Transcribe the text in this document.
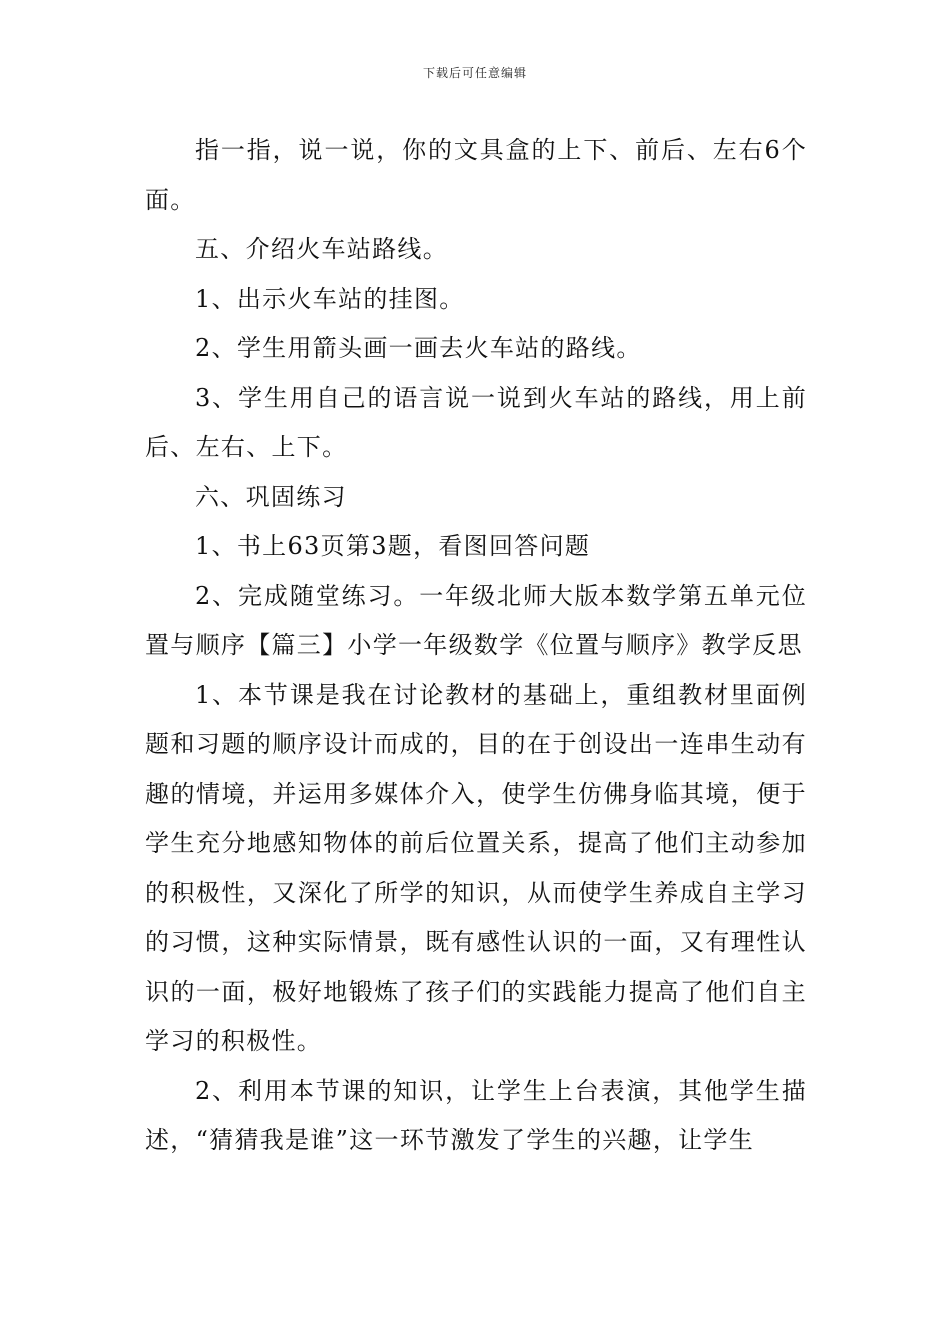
下载后可任意编辑

指一指，说一说，你的文具盒的上下、前后、左右6个面。

五、介绍火车站路线。

1、出示火车站的挂图。

2、学生用箭头画一画去火车站的路线。

3、学生用自己的语言说一说到火车站的路线，用上前后、左右、上下。

六、巩固练习

1、书上63页第3题，看图回答问题

2、完成随堂练习。一年级北师大版本数学第五单元位置与顺序【篇三】小学一年级数学《位置与顺序》教学反思

1、本节课是我在讨论教材的基础上，重组教材里面例题和习题的顺序设计而成的，目的在于创设出一连串生动有趣的情境，并运用多媒体介入，使学生仿佛身临其境，便于学生充分地感知物体的前后位置关系，提高了他们主动参加的积极性，又深化了所学的知识，从而使学生养成自主学习的习惯，这种实际情景，既有感性认识的一面，又有理性认识的一面，极好地锻炼了孩子们的实践能力提高了他们自主学习的积极性。

2、利用本节课的知识，让学生上台表演，其他学生描述，“猜猜我是谁”这一环节激发了学生的兴趣，让学生
